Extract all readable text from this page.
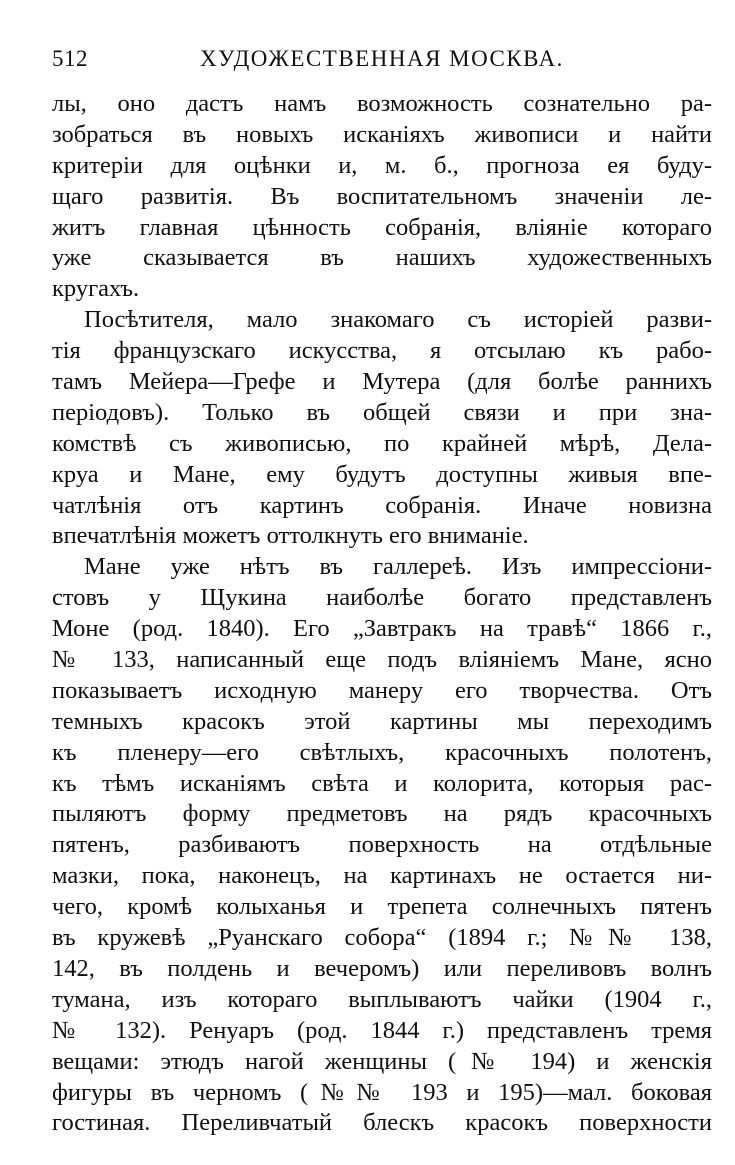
512	ХУДОЖЕСТВЕННАЯ МОСКВА.
лы, оно дастъ намъ возможность сознательно ра-
зобраться въ новыхъ исканіяхъ живописи и найти
критеріи для оцѣнки и, м. б., прогноза ея буду-
щаго развитія. Въ воспитательномъ значеніи ле-
житъ главная цѣнность собранія, вліяніе котораго
уже сказывается въ нашихъ художественныхъ
кругахъ.
Посѣтителя, мало знакомаго съ исторіей разви-
тія французскаго искусства, я отсылаю къ рабо-
тамъ Мейера—Грефе и Мутера (для болѣе раннихъ
періодовъ). Только въ общей связи и при зна-
комствѣ съ живописью, по крайней мѣрѣ, Дела-
круа и Мане, ему будутъ доступны живыя впе-
чатлѣнія отъ картинъ собранія. Иначе новизна
впечатлѣнія можетъ оттолкнуть его вниманіе.
Мане уже нѣтъ въ галлереѣ. Изъ импрессіони-
стовъ у Щукина наиболѣе богато представленъ
Моне (род. 1840). Его „Завтракъ на травѣ“ 1866 г.,
№ 133, написанный еще подъ вліяніемъ Мане, ясно
показываетъ исходную манеру его творчества. Отъ
темныхъ красокъ этой картины мы переходимъ
къ пленеру—его свѣтлыхъ, красочныхъ полотенъ,
къ тѣмъ исканіямъ свѣта и колорита, которыя рас-
пыляютъ форму предметовъ на рядъ красочныхъ
пятенъ, разбиваютъ поверхность на отдѣльные
мазки, пока, наконецъ, на картинахъ не остается ни-
чего, кромѣ колыханья и трепета солнечныхъ пятенъ
въ кружевѣ „Руанскаго собора“ (1894 г.; №№ 138,
142, въ полдень и вечеромъ) или переливовъ волнъ
тумана, изъ котораго выплываютъ чайки (1904 г.,
№ 132). Ренуаръ (род. 1844 г.) представленъ тремя
вещами: этюдъ нагой женщины (№ 194) и женскія
фигуры въ черномъ (№№ 193 и 195)—мал. боковая
гостиная. Переливчатый блескъ красокъ поверхности
